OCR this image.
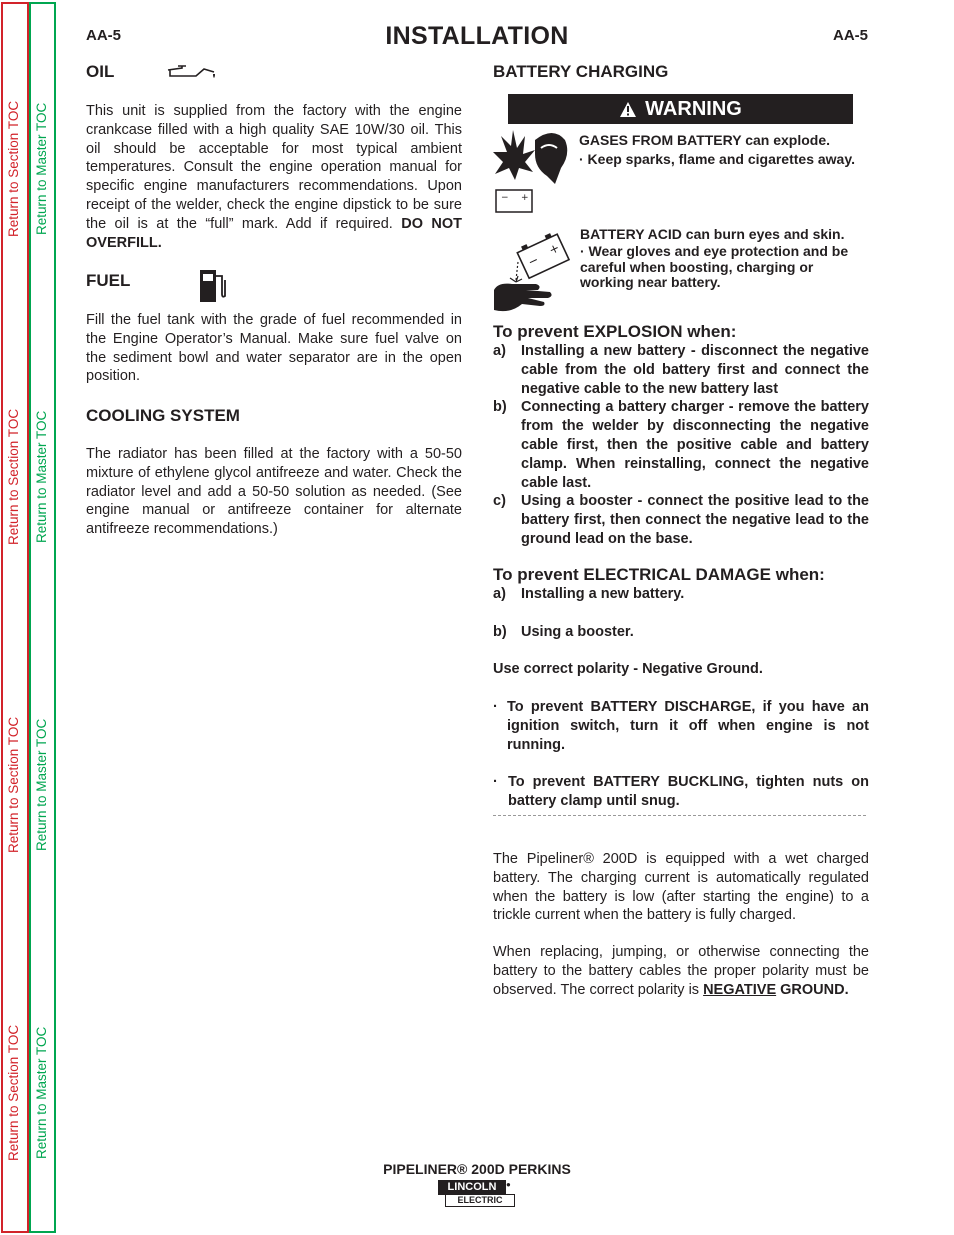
Return to Section TOC Return to Master TOC
Return to Section TOC Return to Master TOC
Return to Section TOC Return to Master TOC
Return to Section TOC Return to Master TOC
AA-5	INSTALLATION	AA-5
OIL
This unit is supplied from the factory with the engine crankcase filled with a high quality SAE 10W/30 oil. This oil should be acceptable for most typical ambient temperatures. Consult the engine operation manual for specific engine manufacturers recommendations. Upon receipt of the welder, check the engine dipstick to be sure the oil is at the “full” mark. Add if required. DO NOT OVERFILL.
FUEL
Fill the fuel tank with the grade of fuel recommended in the Engine Operator’s Manual. Make sure fuel valve on the sediment bowl and water separator are in the open position.
COOLING SYSTEM
The radiator has been filled at the factory with a 50-50 mixture of ethylene glycol antifreeze and water. Check the radiator level and add a 50-50 solution as needed. (See engine manual or antifreeze container for alternate antifreeze recommendations.)
BATTERY CHARGING
WARNING
− +
GASES FROM BATTERY can explode.
· Keep sparks, flame and cigarettes away.
−
+
BATTERY ACID can burn eyes and skin.
· Wear gloves and eye protection and be careful when boosting, charging or working near battery.
To prevent EXPLOSION when:
a)	Installing a new battery - disconnect the negative cable from the old battery first and connect the negative cable to the new battery last
b) Connecting a battery charger - remove the battery from the welder by disconnecting the negative cable first, then the positive cable and battery clamp. When reinstalling, connect the negative cable last.
c)	Using a booster - connect the positive lead to the battery first, then connect the negative lead to the ground lead on the base.
To prevent ELECTRICAL DAMAGE when:
a)	Installing a new battery.
b) Using a booster.
Use correct polarity - Negative Ground.
· To prevent BATTERY DISCHARGE, if you have an ignition switch, turn it off when engine is not running.
· To prevent BATTERY BUCKLING, tighten nuts on battery clamp until snug.
The Pipeliner® 200D is equipped with a wet charged battery. The charging current is automatically regulated when the battery is low (after starting the engine) to a trickle current when the battery is fully charged.
When replacing, jumping, or otherwise connecting the battery to the battery cables the proper polarity must be observed. The correct polarity is NEGATIVE GROUND.
PIPELINER® 200D PERKINS
LINCOLN	●
ELECTRIC
